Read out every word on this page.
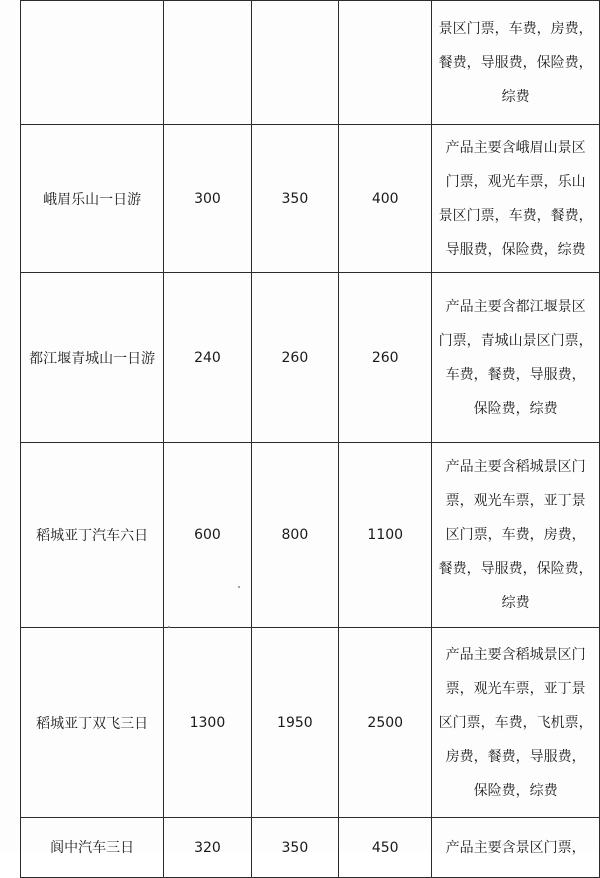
				景区门票，车费，房费，
餐费，导服费，保险费，
综费

峨眉乐山一日游	300	350	400	产品主要含峨眉山景区
门票，观光车票，乐山
景区门票，车费，餐费，
导服费，保险费，综费

都江堰青城山一日游	240	260	260	产品主要含都江堰景区
门票，青城山景区门票，
车费，餐费，导服费，
保险费，综费

稻城亚丁汽车六日	600	800	1100	产品主要含稻城景区门
票，观光车票，亚丁景
区门票，车费，房费，
餐费，导服费，保险费，
综费

稻城亚丁双飞三日	1300	1950	2500	产品主要含稻城景区门
票，观光车票，亚丁景
区门票，车费，飞机票，
房费，餐费，导服费，
保险费，综费

阆中汽车三日	320	350	450	产品主要含景区门票，
